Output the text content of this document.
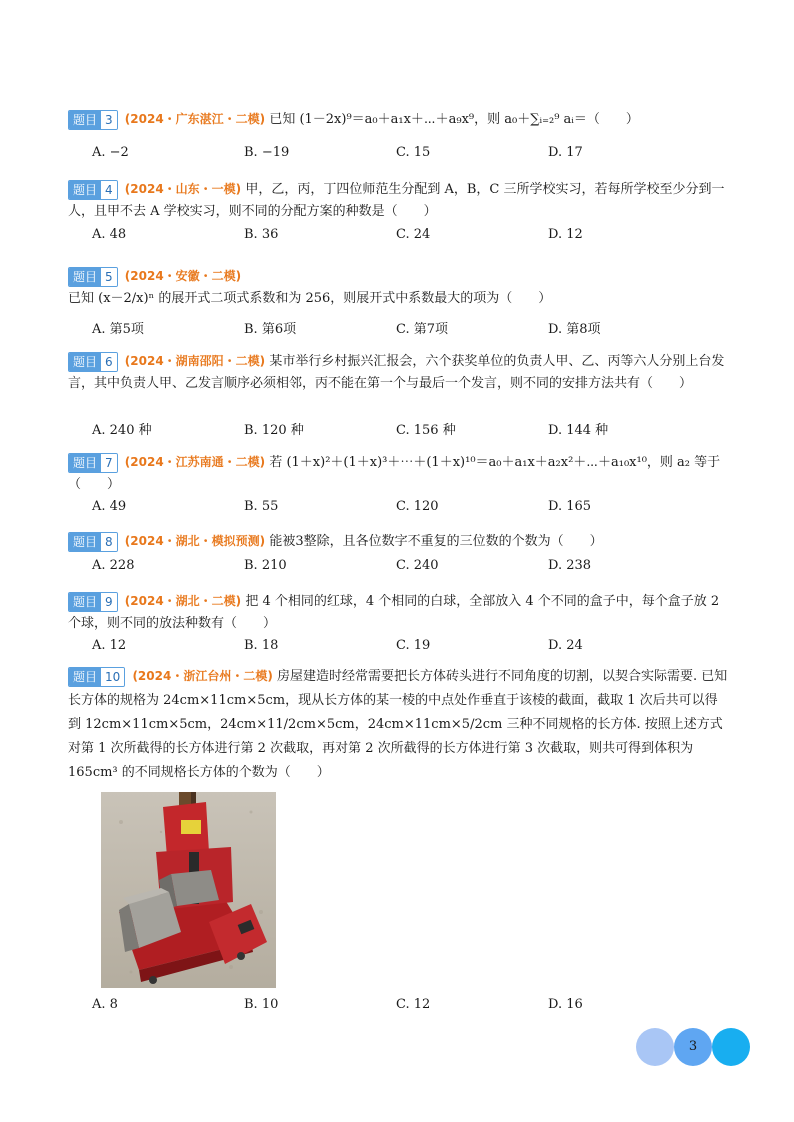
题目 3 (2024・广东湛江・二模) 已知 (1－2x)⁹＝a₀＋a₁x＋⋯＋a₉x⁹，则 a₀＋∑ᵢ₌₂⁹ aᵢ＝（　　）
A. −2	B. −19	C. 15	D. 17
题目 4 (2024・山东・一模) 甲，乙，丙，丁四位师范生分配到 A，B，C 三所学校实习，若每所学校至少分到一人，且甲不去 A 学校实习，则不同的分配方案的种数是（　　）
A. 48	B. 36	C. 24	D. 12
题目 5 (2024・安徽・二模) 已知 (x－2/x)ⁿ 的展开式二项式系数和为 256，则展开式中系数最大的项为（　　）
A. 第5项	B. 第6项	C. 第7项	D. 第8项
题目 6 (2024・湖南邵阳・二模) 某市举行乡村振兴汇报会，六个获奖单位的负责人甲、乙、丙等六人分别上台发言，其中负责人甲、乙发言顺序必须相邻，丙不能在第一个与最后一个发言，则不同的安排方法共有（　　）
A. 240 种	B. 120 种	C. 156 种	D. 144 种
题目 7 (2024・江苏南通・二模) 若 (1＋x)²＋(1＋x)³＋⋯＋(1＋x)¹⁰＝a₀＋a₁x＋a₂x²＋⋯＋a₁₀x¹⁰，则 a₂ 等于（　　）
A. 49	B. 55	C. 120	D. 165
题目 8 (2024・湖北・模拟预测) 能被3整除，且各位数字不重复的三位数的个数为（　　）
A. 228	B. 210	C. 240	D. 238
题目 9 (2024・湖北・二模) 把 4 个相同的红球，4 个相同的白球，全部放入 4 个不同的盒子中，每个盒子放 2 个球，则不同的放法种数有（　　）
A. 12	B. 18	C. 19	D. 24
题目 10 (2024・浙江台州・二模) 房屋建造时经常需要把长方体砖头进行不同角度的切割，以契合实际需要. 已知长方体的规格为 24cm×11cm×5cm，现从长方体的某一棱的中点处作垂直于该棱的截面，截取 1 次后共可以得到 12cm×11cm×5cm，24cm×11/2cm×5cm，24cm×11cm×5/2cm 三种不同规格的长方体. 按照上述方式对第 1 次所截得的长方体进行第 2 次截取，再对第 2 次所截得的长方体进行第 3 次截取，则共可得到体积为 165cm³ 的不同规格长方体的个数为（　　）
A. 8	B. 10	C. 12	D. 16
3
